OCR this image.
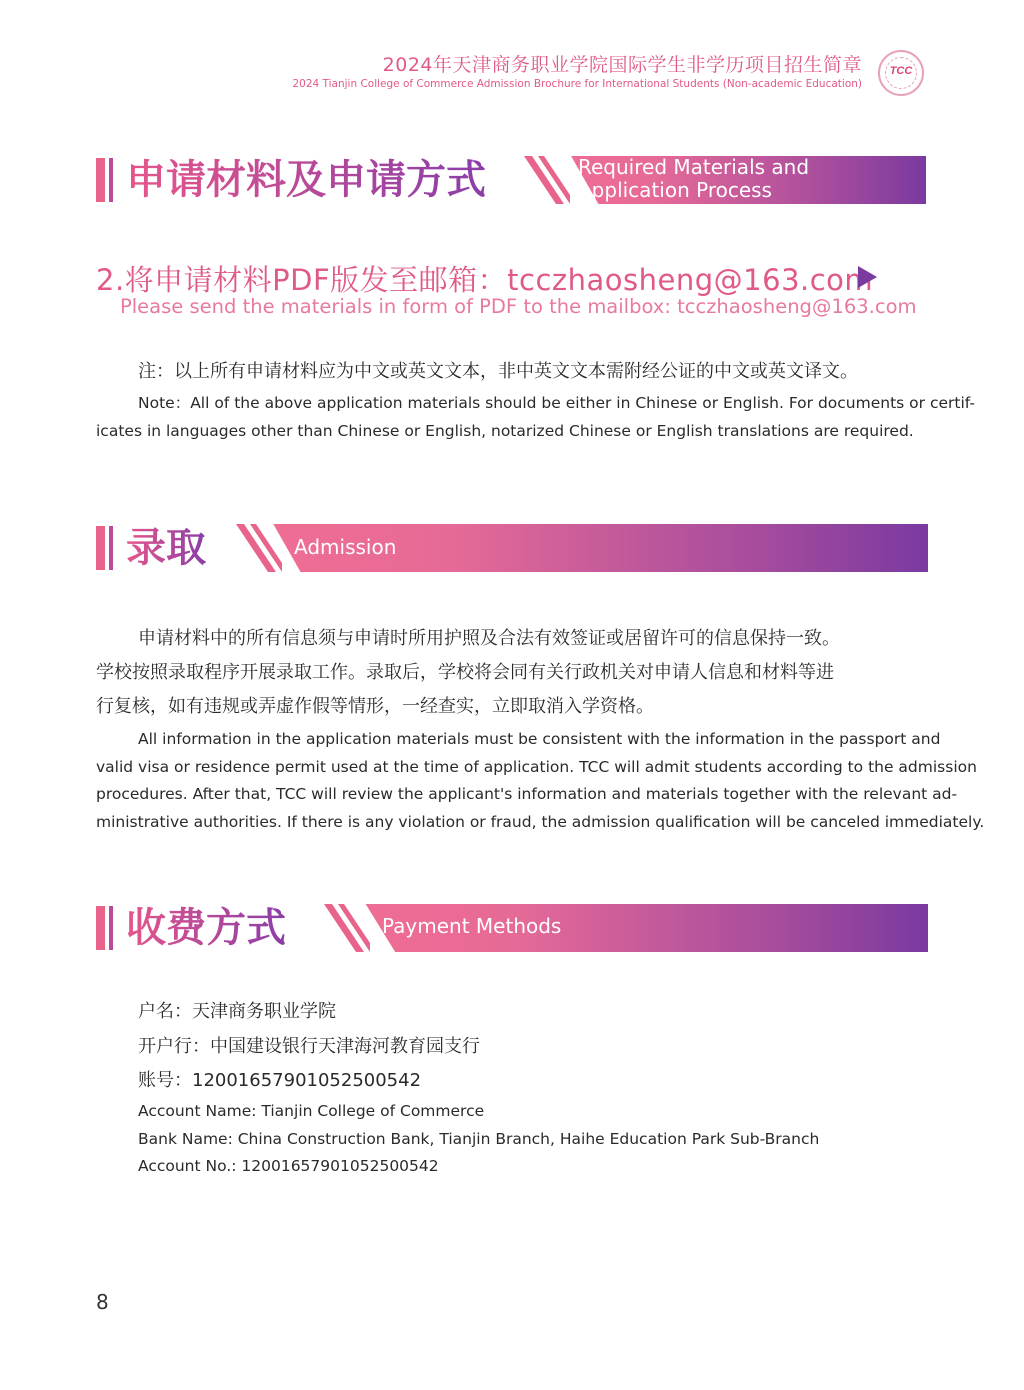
2024年天津商务职业学院国际学生非学历项目招生简章
2024 Tianjin College of Commerce Admission Brochure for International Students (Non-academic Education)
TCC
申请材料及申请方式	Required Materials and
Application Process
2.将申请材料PDF版发至邮箱：tcczhaosheng@163.com
Please send the materials in form of PDF to the mailbox: tcczhaosheng@163.com
注：以上所有申请材料应为中文或英文文本，非中英文文本需附经公证的中文或英文译文。
Note：All of the above application materials should be either in Chinese or English. For documents or certif-
icates in languages other than Chinese or English, notarized Chinese or English translations are required.
录取	Admission
申请材料中的所有信息须与申请时所用护照及合法有效签证或居留许可的信息保持一致。
学校按照录取程序开展录取工作。录取后，学校将会同有关行政机关对申请人信息和材料等进
行复核，如有违规或弄虚作假等情形，一经查实，立即取消入学资格。
All information in the application materials must be consistent with the information in the passport and
valid visa or residence permit used at the time of application. TCC will admit students according to the admission
procedures. After that, TCC will review the applicant's information and materials together with the relevant ad-
ministrative authorities. If there is any violation or fraud, the admission qualification will be canceled immediately.
收费方式	Payment Methods
户名：天津商务职业学院
开户行：中国建设银行天津海河教育园支行
账号：12001657901052500542
Account Name: Tianjin College of Commerce
Bank Name: China Construction Bank, Tianjin Branch, Haihe Education Park Sub-Branch
Account No.: 12001657901052500542
8
